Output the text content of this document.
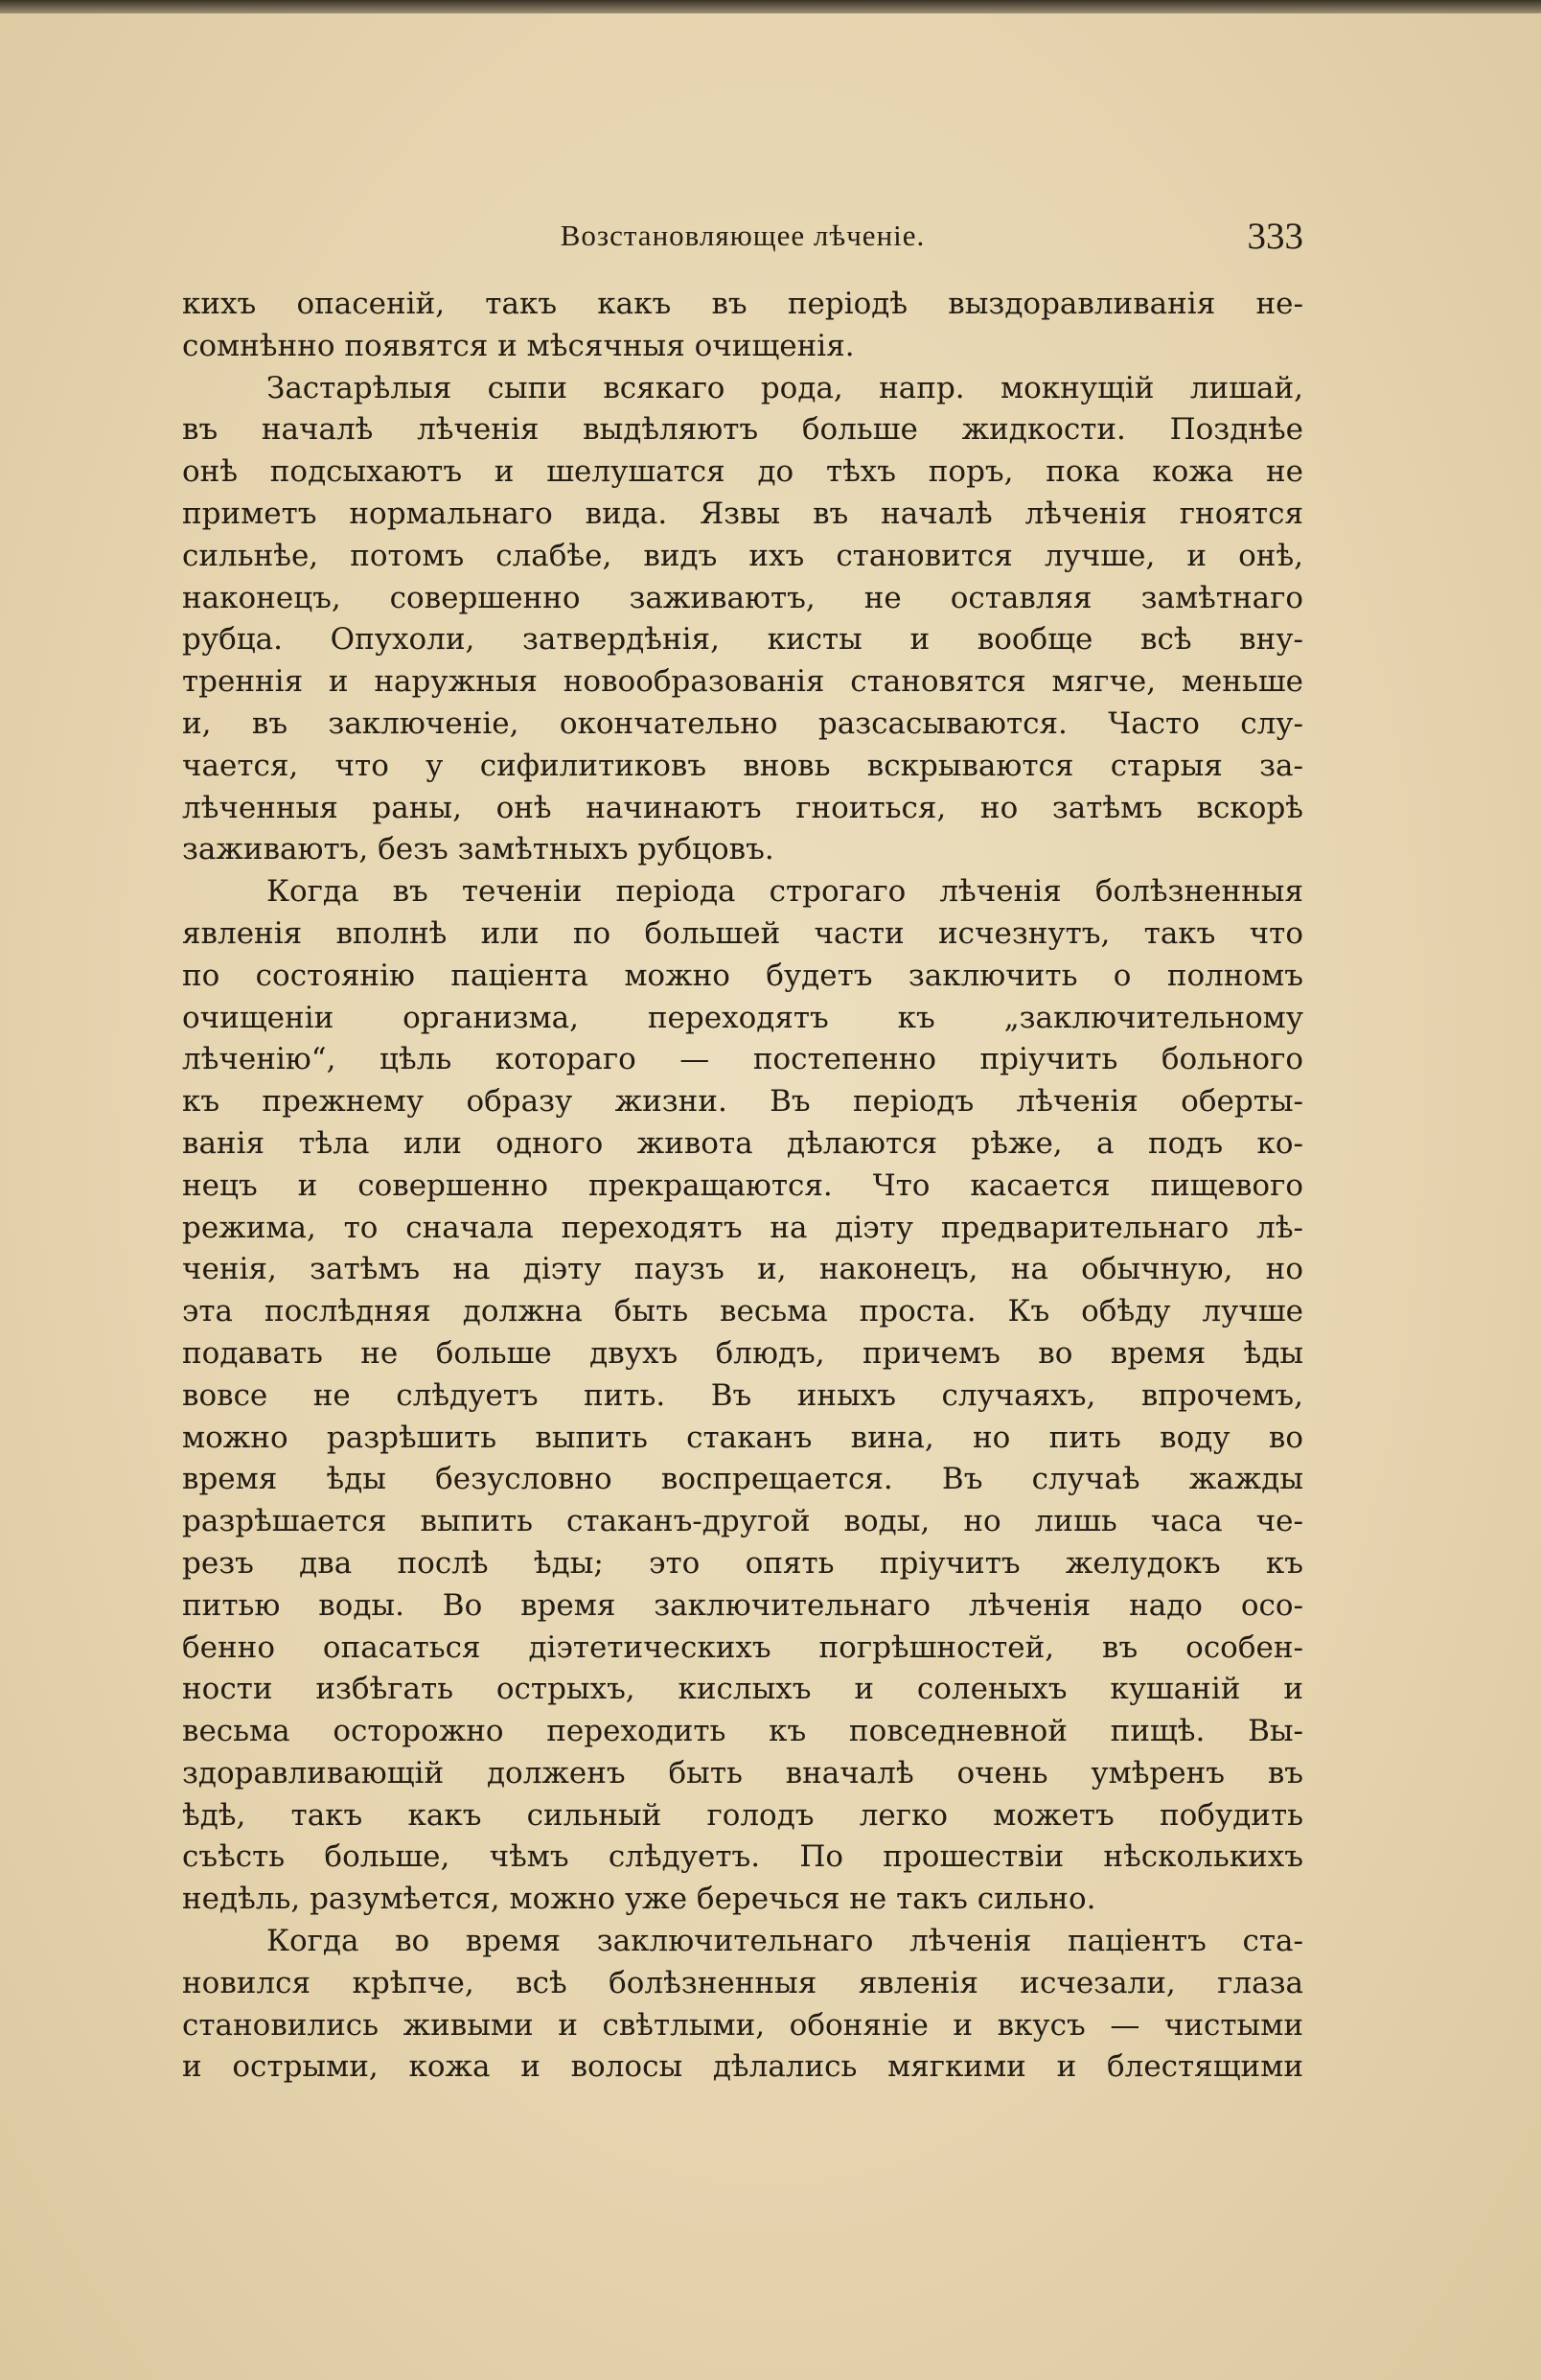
Возстановляющее лѣченіе.	333

кихъ опасеній, такъ какъ въ періодѣ выздоравливанія не-

сомнѣнно появятся и мѣсячныя очищенія.

Застарѣлыя сыпи всякаго рода, напр. мокнущій лишай,

въ началѣ лѣченія выдѣляютъ больше жидкости. Позднѣе

онѣ подсыхаютъ и шелушатся до тѣхъ поръ, пока кожа не

приметъ нормальнаго вида. Язвы въ началѣ лѣченія гноятся

сильнѣе, потомъ слабѣе, видъ ихъ становится лучше, и онѣ,

наконецъ, совершенно заживаютъ, не оставляя замѣтнаго

рубца. Опухоли, затвердѣнія, кисты и вообще всѣ вну-

треннія и наружныя новообразованія становятся мягче, меньше

и, въ заключеніе, окончательно разсасываются. Часто слу-

чается, что у сифилитиковъ вновь вскрываются старыя за-

лѣченныя раны, онѣ начинаютъ гноиться, но затѣмъ вскорѣ

заживаютъ, безъ замѣтныхъ рубцовъ.

Когда въ теченіи періода строгаго лѣченія болѣзненныя

явленія вполнѣ или по большей части исчезнутъ, такъ что

по состоянію паціента можно будетъ заключить о полномъ

очищеніи организма, переходятъ къ „заключительному

лѣченію“, цѣль котораго — постепенно пріучить больного

къ прежнему образу жизни. Въ періодъ лѣченія оберты-

ванія тѣла или одного живота дѣлаются рѣже, а подъ ко-

нецъ и совершенно прекращаются. Что касается пищевого

режима, то сначала переходятъ на діэту предварительнаго лѣ-

ченія, затѣмъ на діэту паузъ и, наконецъ, на обычную, но

эта послѣдняя должна быть весьма проста. Къ обѣду лучше

подавать не больше двухъ блюдъ, причемъ во время ѣды

вовсе не слѣдуетъ пить. Въ иныхъ случаяхъ, впрочемъ,

можно разрѣшить выпить стаканъ вина, но пить воду во

время ѣды безусловно воспрещается. Въ случаѣ жажды

разрѣшается выпить стаканъ-другой воды, но лишь часа че-

резъ два послѣ ѣды; это опять пріучитъ желудокъ къ

питью воды. Во время заключительнаго лѣченія надо осо-

бенно опасаться діэтетическихъ погрѣшностей, въ особен-

ности избѣгать острыхъ, кислыхъ и соленыхъ кушаній и

весьма осторожно переходить къ повседневной пищѣ. Вы-

здоравливающій долженъ быть вначалѣ очень умѣренъ въ

ѣдѣ, такъ какъ сильный голодъ легко можетъ побудить

съѣсть больше, чѣмъ слѣдуетъ. По прошествіи нѣсколькихъ

недѣль, разумѣется, можно уже беречься не такъ сильно.

Когда во время заключительнаго лѣченія паціентъ ста-

новился крѣпче, всѣ болѣзненныя явленія исчезали, глаза

становились живыми и свѣтлыми, обоняніе и вкусъ — чистыми

и острыми, кожа и волосы дѣлались мягкими и блестящими
